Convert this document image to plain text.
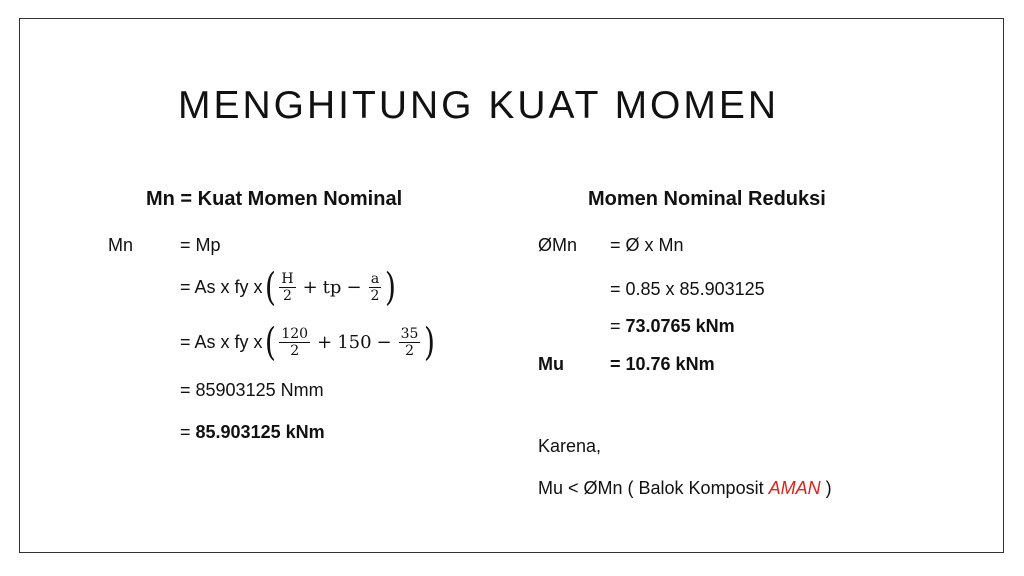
MENGHITUNG KUAT MOMEN
Mn = Kuat Momen Nominal
Mn	= Mp
= As x fy x ( $\frac{H}{2}$ + tp − $\frac{a}{2}$ )
= As x fy x ( $\frac{120}{2} + 150 - \frac{35}{2}$ )
= 85903125 Nmm
= 85.903125 kNm
Momen Nominal Reduksi
ØMn = Ø x Mn
= 0.85 x 85.903125
= 73.0765 kNm
Mu	= 10.76 kNm
Karena,
Mu < ØMn ( Balok Komposit AMAN )
